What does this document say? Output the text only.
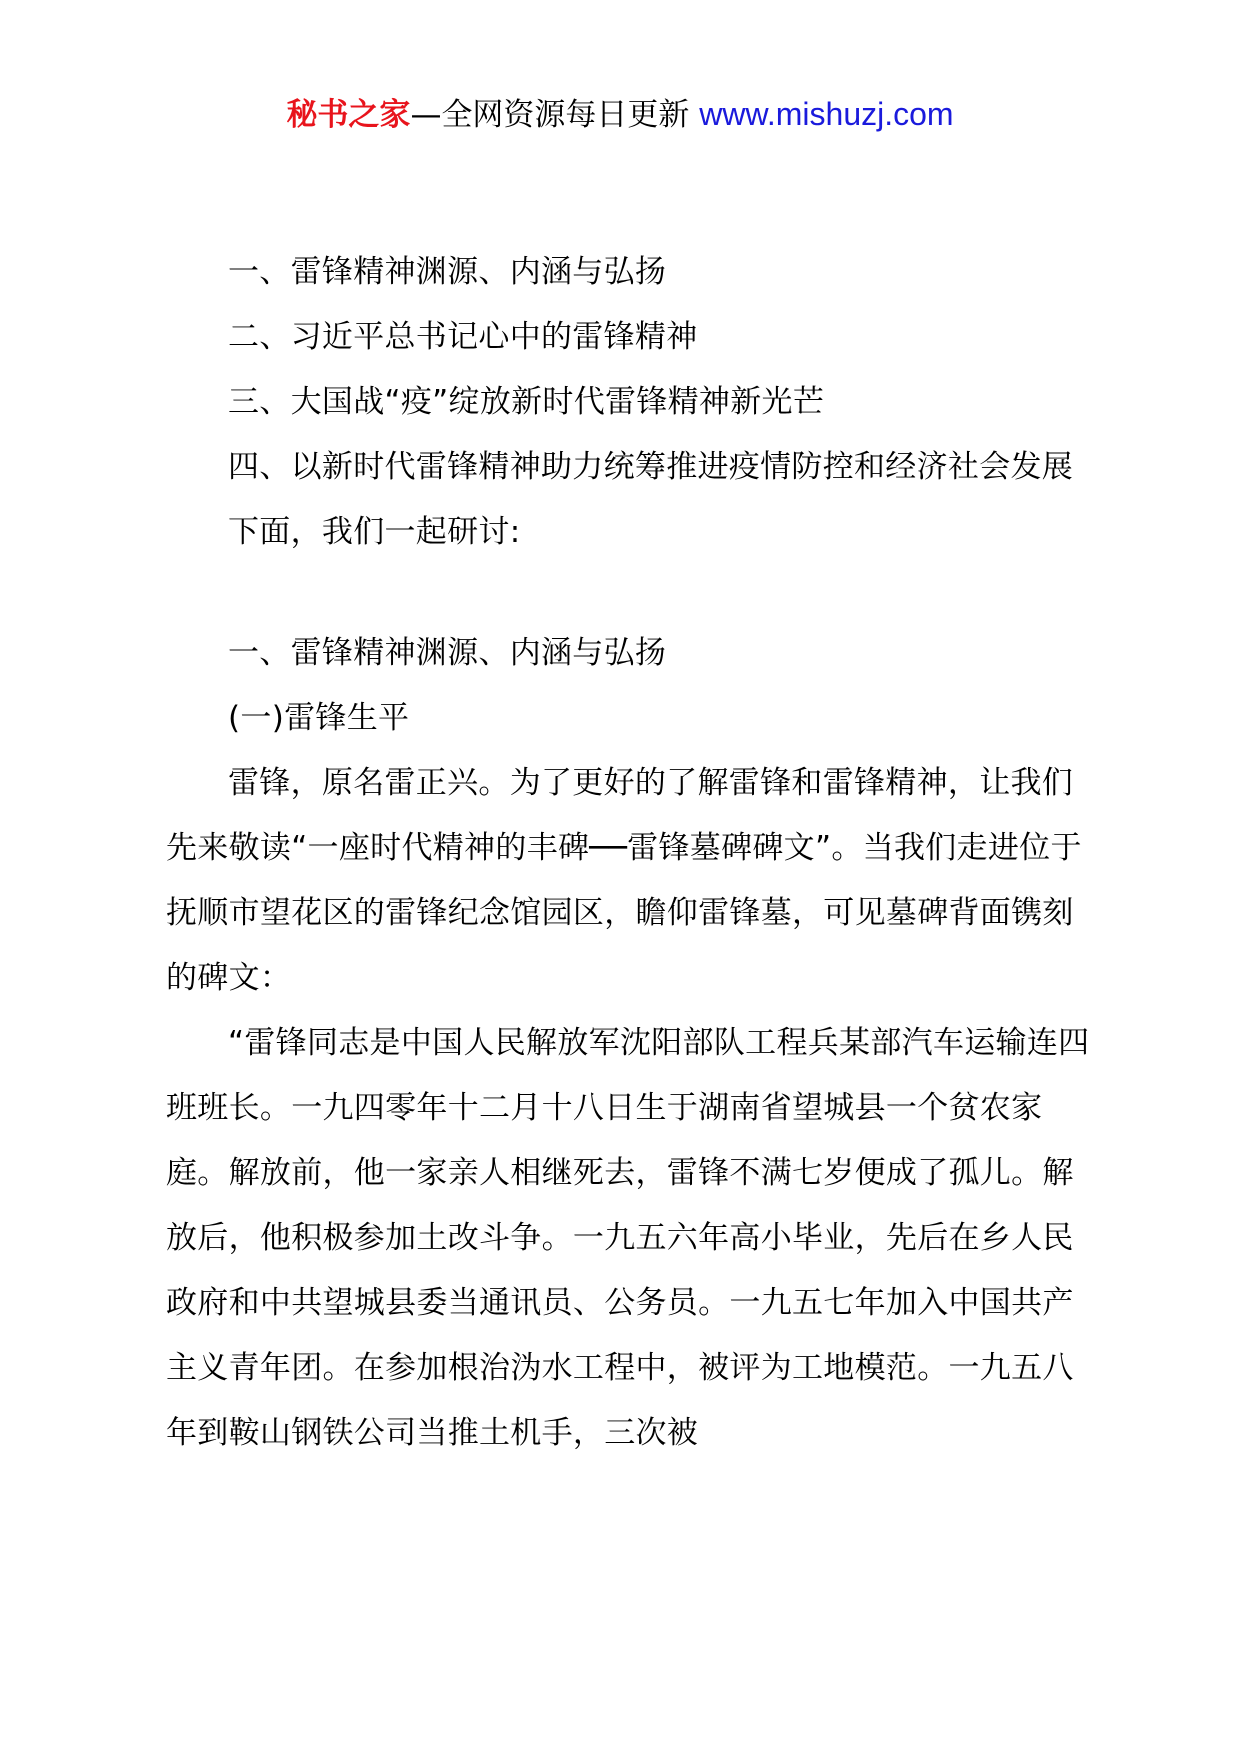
秘书之家—全网资源每日更新 www.mishuzj.com

一、雷锋精神渊源、内涵与弘扬

二、习近平总书记心中的雷锋精神

三、大国战“疫”绽放新时代雷锋精神新光芒

四、以新时代雷锋精神助力统筹推进疫情防控和经济社会发展

下面，我们一起研讨:

一、雷锋精神渊源、内涵与弘扬

(一)雷锋生平

雷锋，原名雷正兴。为了更好的了解雷锋和雷锋精神，让我们先来敬读“一座时代精神的丰碑──雷锋墓碑碑文”。当我们走进位于抚顺市望花区的雷锋纪念馆园区，瞻仰雷锋墓，可见墓碑背面镌刻的碑文：

“雷锋同志是中国人民解放军沈阳部队工程兵某部汽车运输连四班班长。一九四零年十二月十八日生于湖南省望城县一个贫农家庭。解放前，他一家亲人相继死去，雷锋不满七岁便成了孤儿。解放后，他积极参加土改斗争。一九五六年高小毕业，先后在乡人民政府和中共望城县委当通讯员、公务员。一九五七年加入中国共产主义青年团。在参加根治沩水工程中，被评为工地模范。一九五八年到鞍山钢铁公司当推土机手，三次被
